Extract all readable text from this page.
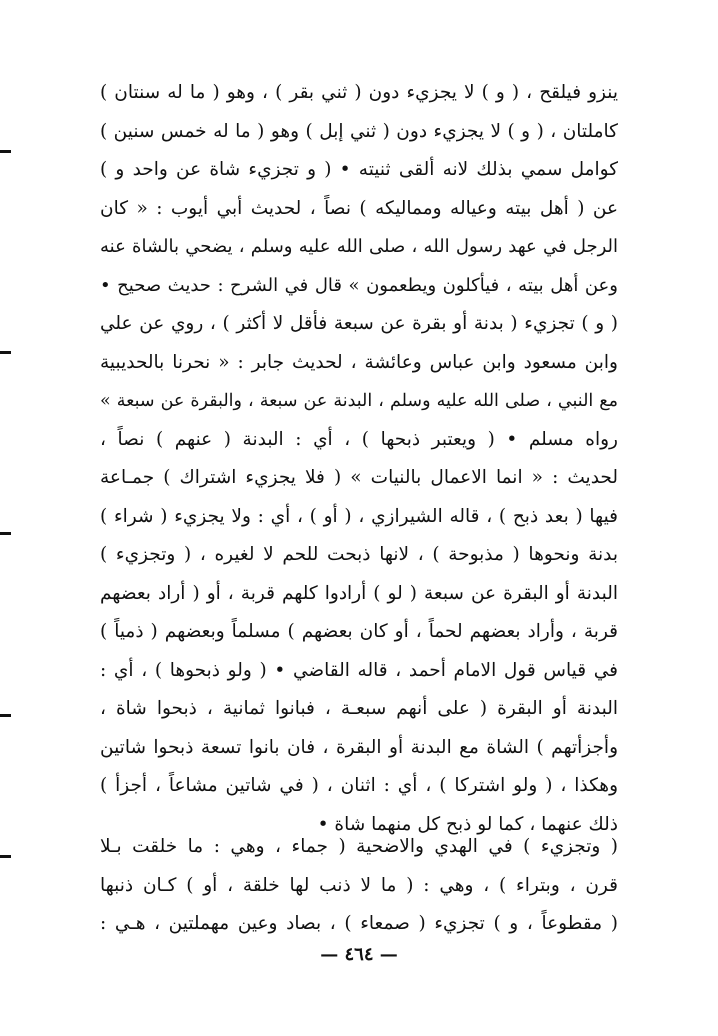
ينزو فيلقح ، ( و ) لا يجزيء دون ( ثني بقر ) ، وهو ( ما له سنتان )
كاملتان ، ( و ) لا يجزيء دون ( ثني إبل ) وهو ( ما له خمس سنين )
كوامل سمي بذلك لانه ألقى ثنيته • ( و تجزيء شاة عن واحد و )
عن ( أهل بيته وعياله ومماليكه ) نصاً ، لحديث أبي أيوب : « كان
الرجل في عهد رسول الله ، صلى الله عليه وسلم ، يضحي بالشاة عنه
وعن أهل بيته ، فيأكلون ويطعمون » قال في الشرح : حديث صحيح •
( و ) تجزيء ( بدنة أو بقرة عن سبعة فأقل لا أكثر ) ، روي عن علي
وابن مسعود وابن عباس وعائشة ، لحديث جابر : « نحرنا بالحديبية
مع النبي ، صلى الله عليه وسلم ، البدنة عن سبعة ، والبقرة عن سبعة »
رواه مسلم • ( ويعتبر ذبحها ) ، أي : البدنة ( عنهم ) نصاً ،
لحديث : « انما الاعمال بالنيات » ( فلا يجزيء اشتراك ) جمـاعة
فيها ( بعد ذبح ) ، قاله الشيرازي ، ( أو ) ، أي : ولا يجزيء ( شراء )
بدنة ونحوها ( مذبوحة ) ، لانها ذبحت للحم لا لغيره ، ( وتجزيء )
البدنة أو البقرة عن سبعة ( لو ) أرادوا كلهم قربة ، أو ( أراد بعضهم
قربة ، وأراد بعضهم لحماً ، أو كان بعضهم ) مسلماً وبعضهم ( ذمياً )
في قياس قول الامام أحمد ، قاله القاضي • ( ولو ذبحوها ) ، أي :
البدنة أو البقرة ( على أنهم سبعـة ، فبانوا ثمانية ، ذبحوا شاة ،
وأجزأتهم ) الشاة مع البدنة أو البقرة ، فان بانوا تسعة ذبحوا شاتين
وهكذا ، ( ولو اشتركا ) ، أي : اثنان ، ( في شاتين مشاعاً ، أجزأ )
ذلك عنهما ، كما لو ذبح كل منهما شاة •
( وتجزيء ) في الهدي والاضحية ( جماء ، وهي : ما خلقت بـلا
قرن ، وبتراء ) ، وهي : ( ما لا ذنب لها خلقة ، أو ) كـان ذنبها
( مقطوعاً ، و ) تجزيء ( صمعاء ) ، بصاد وعين مهملتين ، هـي :
— ٤٦٤ —
